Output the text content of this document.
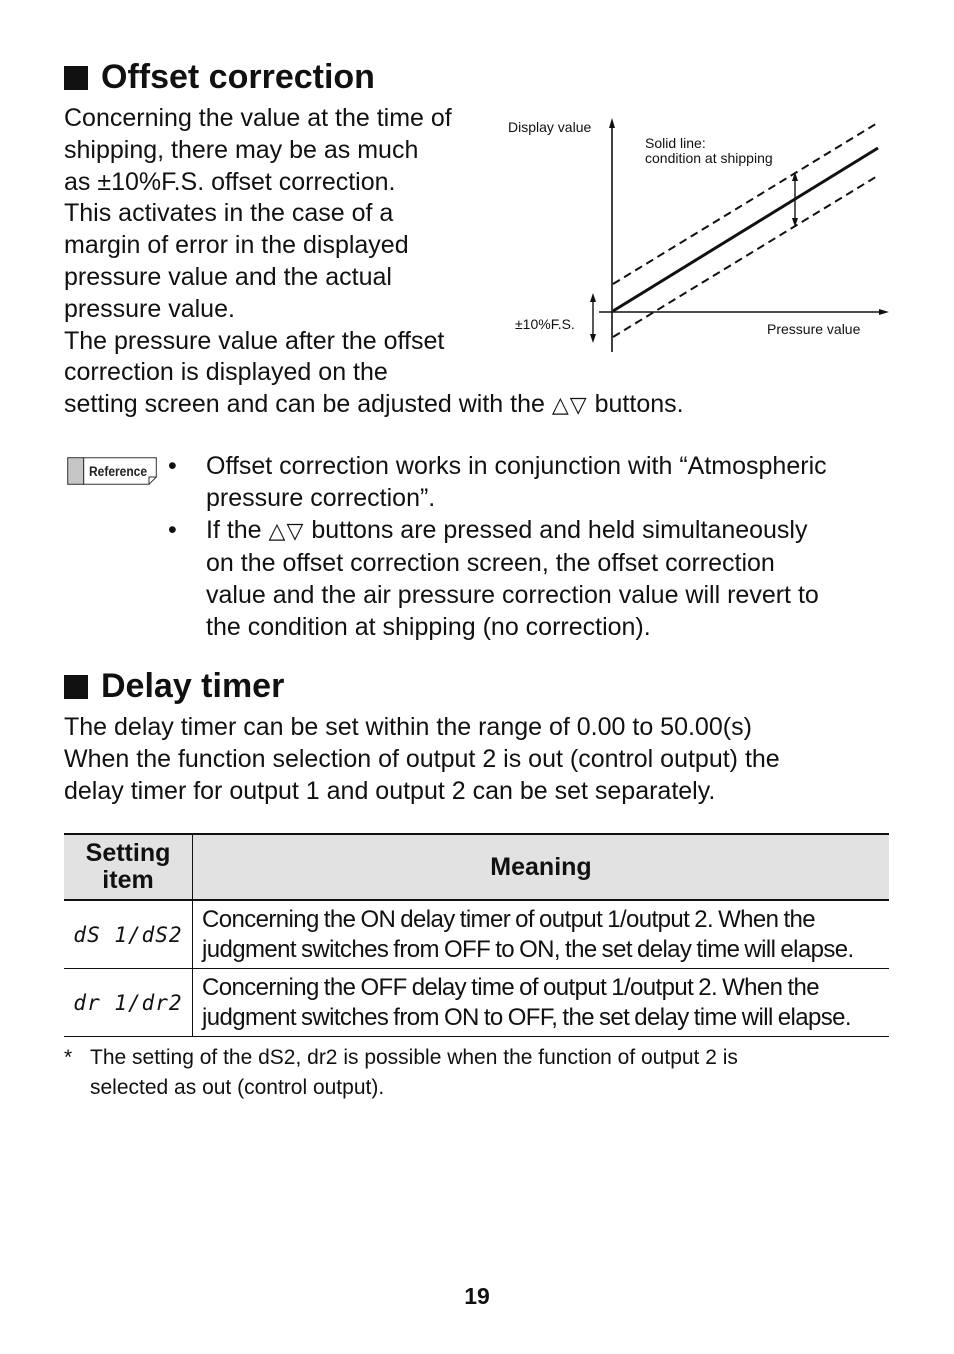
Offset correction
Concerning the value at the time of
shipping, there may be as much
as ±10%F.S. offset correction.
This activates in the case of a
margin of error in the displayed
pressure value and the actual
pressure value.
The pressure value after the offset
correction is displayed on the
setting screen and can be adjusted with the △▽ buttons.
Display value
Solid line:
condition at shipping
±10%F.S.	Pressure value
Reference • Offset correction works in conjunction with “Atmospheric
pressure correction”.
• If the △▽ buttons are pressed and held simultaneously
on the offset correction screen, the offset correction
value and the air pressure correction value will revert to
the condition at shipping (no correction).
Delay timer
The delay timer can be set within the range of 0.00 to 50.00(s)
When the function selection of output 2 is out (control output) the
delay timer for output 1 and output 2 can be set separately.
Setting
item	Meaning
dS 1/dS2	Concerning the ON delay timer of output 1/output 2. When the
judgment switches from OFF to ON, the set delay time will elapse.

dr 1/dr2	Concerning the OFF delay time of output 1/output 2. When the
judgment switches from ON to OFF, the set delay time will elapse.
* The setting of the dS2, dr2 is possible when the function of output 2 is
selected as out (control output).
19
